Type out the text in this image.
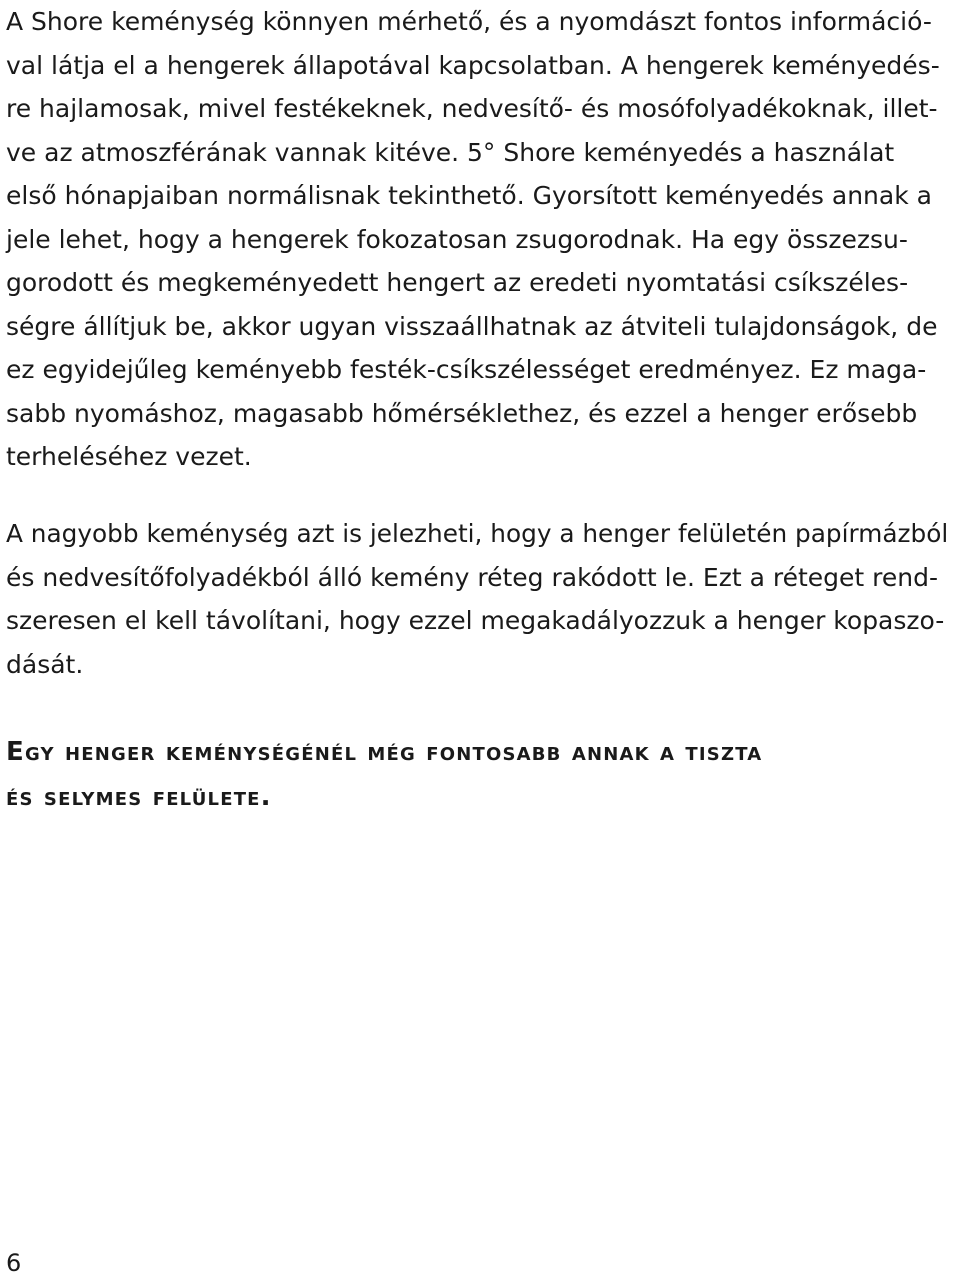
A Shore keménység könnyen mérhető, és a nyomdászt fontos információ-
val látja el a hengerek állapotával kapcsolatban. A hengerek keményedés-
re hajlamosak, mivel festékeknek, nedvesítő- és mosófolyadékoknak, illet-
ve az atmoszférának vannak kitéve. 5° Shore keményedés a használat
első hónapjaiban normálisnak tekinthető. Gyorsított keményedés annak a
jele lehet, hogy a hengerek fokozatosan zsugorodnak. Ha egy összezsu-
gorodott és megkeményedett hengert az eredeti nyomtatási csíkszéles-
ségre állítjuk be, akkor ugyan visszaállhatnak az átviteli tulajdonságok, de
ez egyidejűleg keményebb festék-csíkszélességet eredményez. Ez maga-
sabb nyomáshoz, magasabb hőmérséklethez, és ezzel a henger erősebb
terheléséhez vezet.
A nagyobb keménység azt is jelezheti, hogy a henger felületén papírmázból
és nedvesítőfolyadékból álló kemény réteg rakódott le. Ezt a réteget rend-
szeresen el kell távolítani, hogy ezzel megakadályozzuk a henger kopaszo-
dását.
Egy henger keménységénél még fontosabb annak a tiszta
és selymes felülete.
6
